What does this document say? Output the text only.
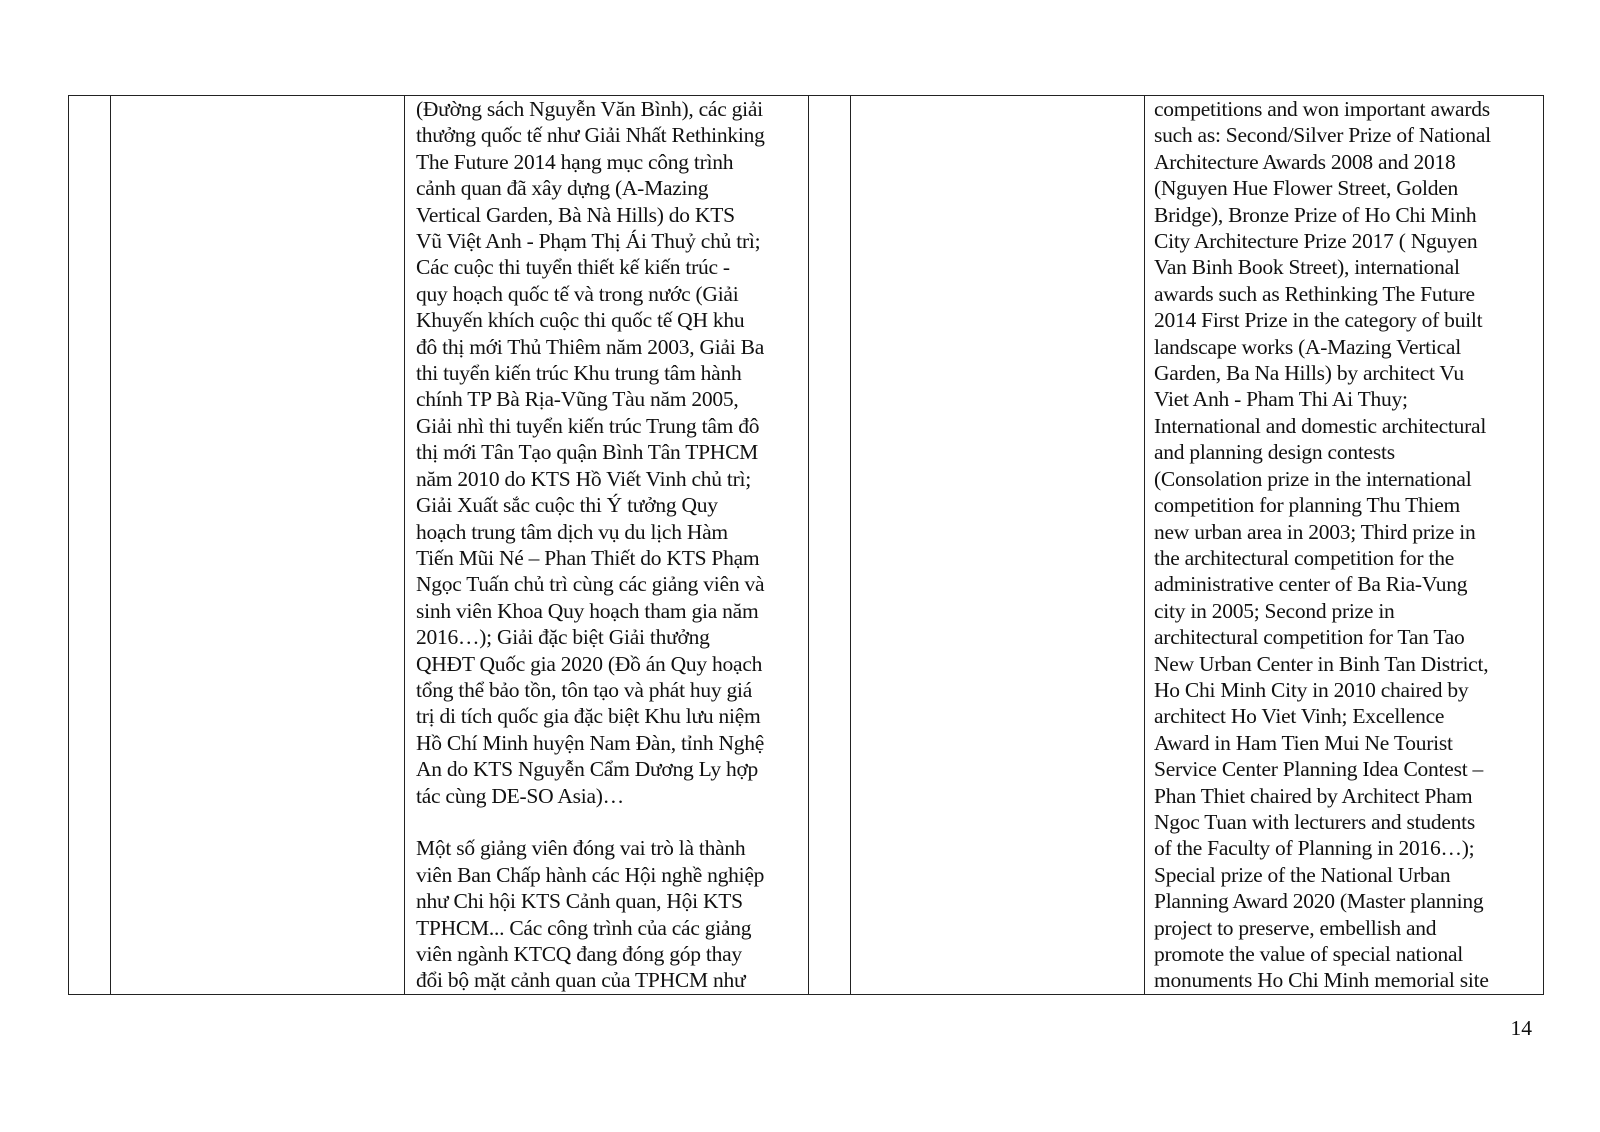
(Đường sách Nguyễn Văn Bình), các giải
thưởng quốc tế như Giải Nhất Rethinking
The Future 2014 hạng mục công trình
cảnh quan đã xây dựng (A-Mazing
Vertical Garden, Bà Nà Hills) do KTS
Vũ Việt Anh - Phạm Thị Ái Thuỷ chủ trì;
Các cuộc thi tuyển thiết kế kiến trúc -
quy hoạch quốc tế và trong nước (Giải
Khuyến khích cuộc thi quốc tế QH khu
đô thị mới Thủ Thiêm năm 2003, Giải Ba
thi tuyển kiến trúc Khu trung tâm hành
chính TP Bà Rịa-Vũng Tàu năm 2005,
Giải nhì thi tuyển kiến trúc Trung tâm đô
thị mới Tân Tạo quận Bình Tân TPHCM
năm 2010 do KTS Hồ Viết Vinh chủ trì;
Giải Xuất sắc cuộc thi Ý tưởng Quy
hoạch trung tâm dịch vụ du lịch Hàm
Tiến Mũi Né – Phan Thiết do KTS Phạm
Ngọc Tuấn chủ trì cùng các giảng viên và
sinh viên Khoa Quy hoạch tham gia năm
2016…); Giải đặc biệt Giải thưởng
QHĐT Quốc gia 2020 (Đồ án Quy hoạch
tổng thể bảo tồn, tôn tạo và phát huy giá
trị di tích quốc gia đặc biệt Khu lưu niệm
Hồ Chí Minh huyện Nam Đàn, tỉnh Nghệ
An do KTS Nguyễn Cẩm Dương Ly hợp
tác cùng DE-SO Asia)…

Một số giảng viên đóng vai trò là thành
viên Ban Chấp hành các Hội nghề nghiệp
như Chi hội KTS Cảnh quan, Hội KTS
TPHCM... Các công trình của các giảng
viên ngành KTCQ đang đóng góp thay
đổi bộ mặt cảnh quan của TPHCM như

competitions and won important awards
such as: Second/Silver Prize of National
Architecture Awards 2008 and 2018
(Nguyen Hue Flower Street, Golden
Bridge), Bronze Prize of Ho Chi Minh
City Architecture Prize 2017 ( Nguyen
Van Binh Book Street), international
awards such as Rethinking The Future
2014 First Prize in the category of built
landscape works (A-Mazing Vertical
Garden, Ba Na Hills) by architect Vu
Viet Anh - Pham Thi Ai Thuy;
International and domestic architectural
and planning design contests
(Consolation prize in the international
competition for planning Thu Thiem
new urban area in 2003; Third prize in
the architectural competition for the
administrative center of Ba Ria-Vung
city in 2005; Second prize in
architectural competition for Tan Tao
New Urban Center in Binh Tan District,
Ho Chi Minh City in 2010 chaired by
architect Ho Viet Vinh; Excellence
Award in Ham Tien Mui Ne Tourist
Service Center Planning Idea Contest –
Phan Thiet chaired by Architect Pham
Ngoc Tuan with lecturers and students
of the Faculty of Planning in 2016…);
Special prize of the National Urban
Planning Award 2020 (Master planning
project to preserve, embellish and
promote the value of special national
monuments Ho Chi Minh memorial site

14
